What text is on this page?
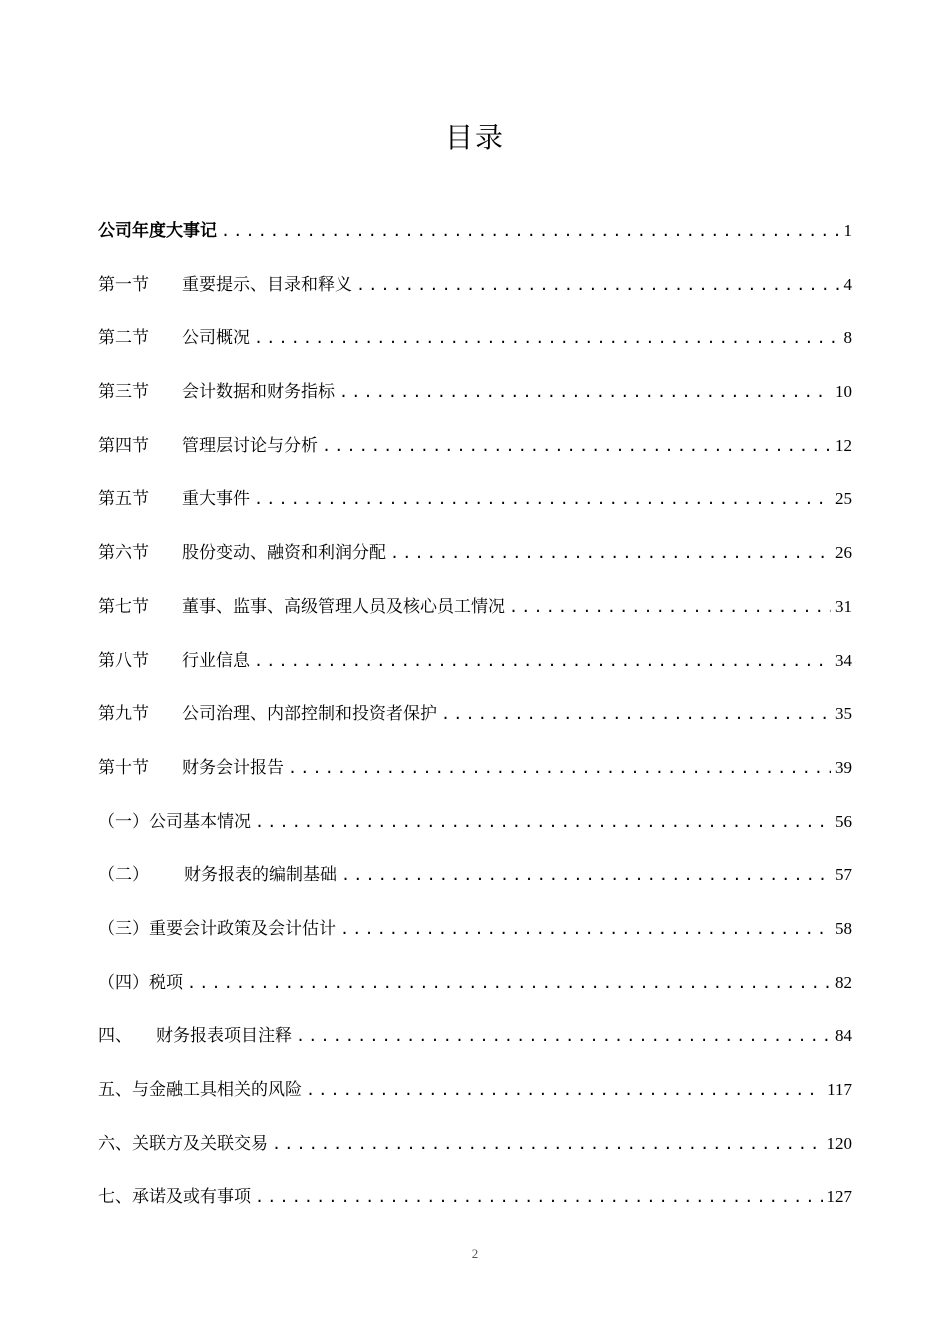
目录
公司年度大事记 .....	1
第一节 重要提示、目录和释义 .....	4
第二节 公司概况 .....	8
第三节 会计数据和财务指标 .....	10
第四节 管理层讨论与分析 .....	12
第五节 重大事件 .....	25
第六节 股份变动、融资和利润分配 .....	26
第七节 董事、监事、高级管理人员及核心员工情况 .....	31
第八节 行业信息 .....	34
第九节 公司治理、内部控制和投资者保护 .....	35
第十节 财务会计报告 .....	39
（一）公司基本情况 .....	56
（二） 财务报表的编制基础 .....	57
（三）重要会计政策及会计估计 .....	58
（四）税项 .....	82
四、 财务报表项目注释 .....	84
五、与金融工具相关的风险 .....	117
六、关联方及关联交易 .....	120
七、承诺及或有事项 .....	127
2
